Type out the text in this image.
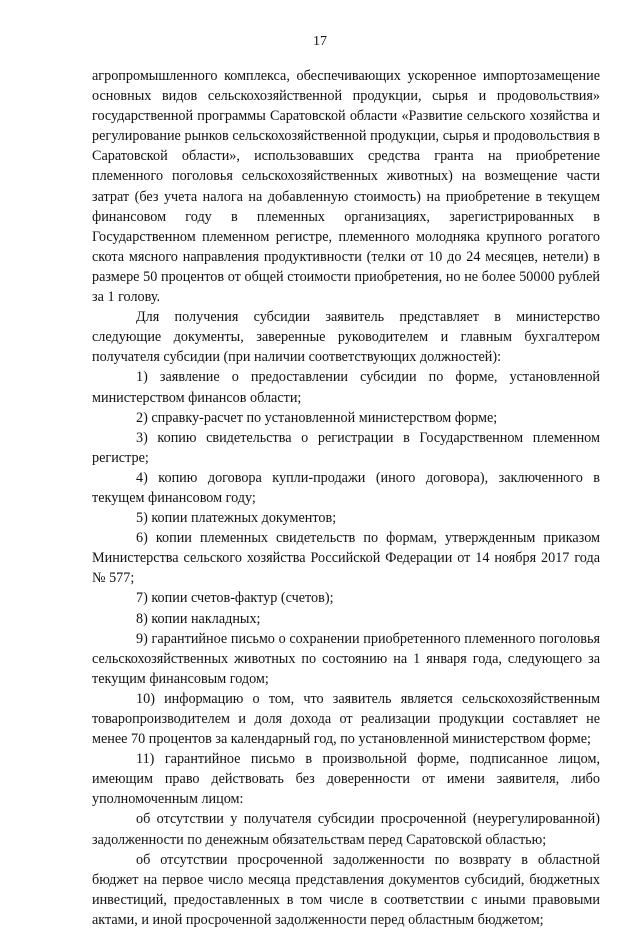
17

агропромышленного комплекса, обеспечивающих ускоренное импортозамещение основных видов сельскохозяйственной продукции, сырья и продовольствия» государственной программы Саратовской области «Развитие сельского хозяйства и регулирование рынков сельскохозяйственной продукции, сырья и продовольствия в Саратовской области», использовавших средства гранта на приобретение племенного поголовья сельскохозяйственных животных) на возмещение части затрат (без учета налога на добавленную стоимость) на приобретение в текущем финансовом году в племенных организациях, зарегистрированных в Государственном племенном регистре, племенного молодняка крупного рогатого скота мясного направления продуктивности (телки от 10 до 24 месяцев, нетели) в размере 50 процентов от общей стоимости приобретения, но не более 50000 рублей за 1 голову.

Для получения субсидии заявитель представляет в министерство следующие документы, заверенные руководителем и главным бухгалтером получателя субсидии (при наличии соответствующих должностей):

1) заявление о предоставлении субсидии по форме, установленной министерством финансов области;

2) справку-расчет по установленной министерством форме;

3) копию свидетельства о регистрации в Государственном племенном регистре;

4) копию договора купли-продажи (иного договора), заключенного в текущем финансовом году;

5) копии платежных документов;

6) копии племенных свидетельств по формам, утвержденным приказом Министерства сельского хозяйства Российской Федерации от 14 ноября 2017 года № 577;

7) копии счетов-фактур (счетов);

8) копии накладных;

9) гарантийное письмо о сохранении приобретенного племенного поголовья сельскохозяйственных животных по состоянию на 1 января года, следующего за текущим финансовым годом;

10) информацию о том, что заявитель является сельскохозяйственным товаропроизводителем и доля дохода от реализации продукции составляет не менее 70 процентов за календарный год, по установленной министерством форме;

11) гарантийное письмо в произвольной форме, подписанное лицом, имеющим право действовать без доверенности от имени заявителя, либо уполномоченным лицом:

об отсутствии у получателя субсидии просроченной (неурегулированной) задолженности по денежным обязательствам перед Саратовской областью;

об отсутствии просроченной задолженности по возврату в областной бюджет на первое число месяца представления документов субсидий, бюджетных инвестиций, предоставленных в том числе в соответствии с иными правовыми актами, и иной просроченной задолженности перед областным бюджетом;
